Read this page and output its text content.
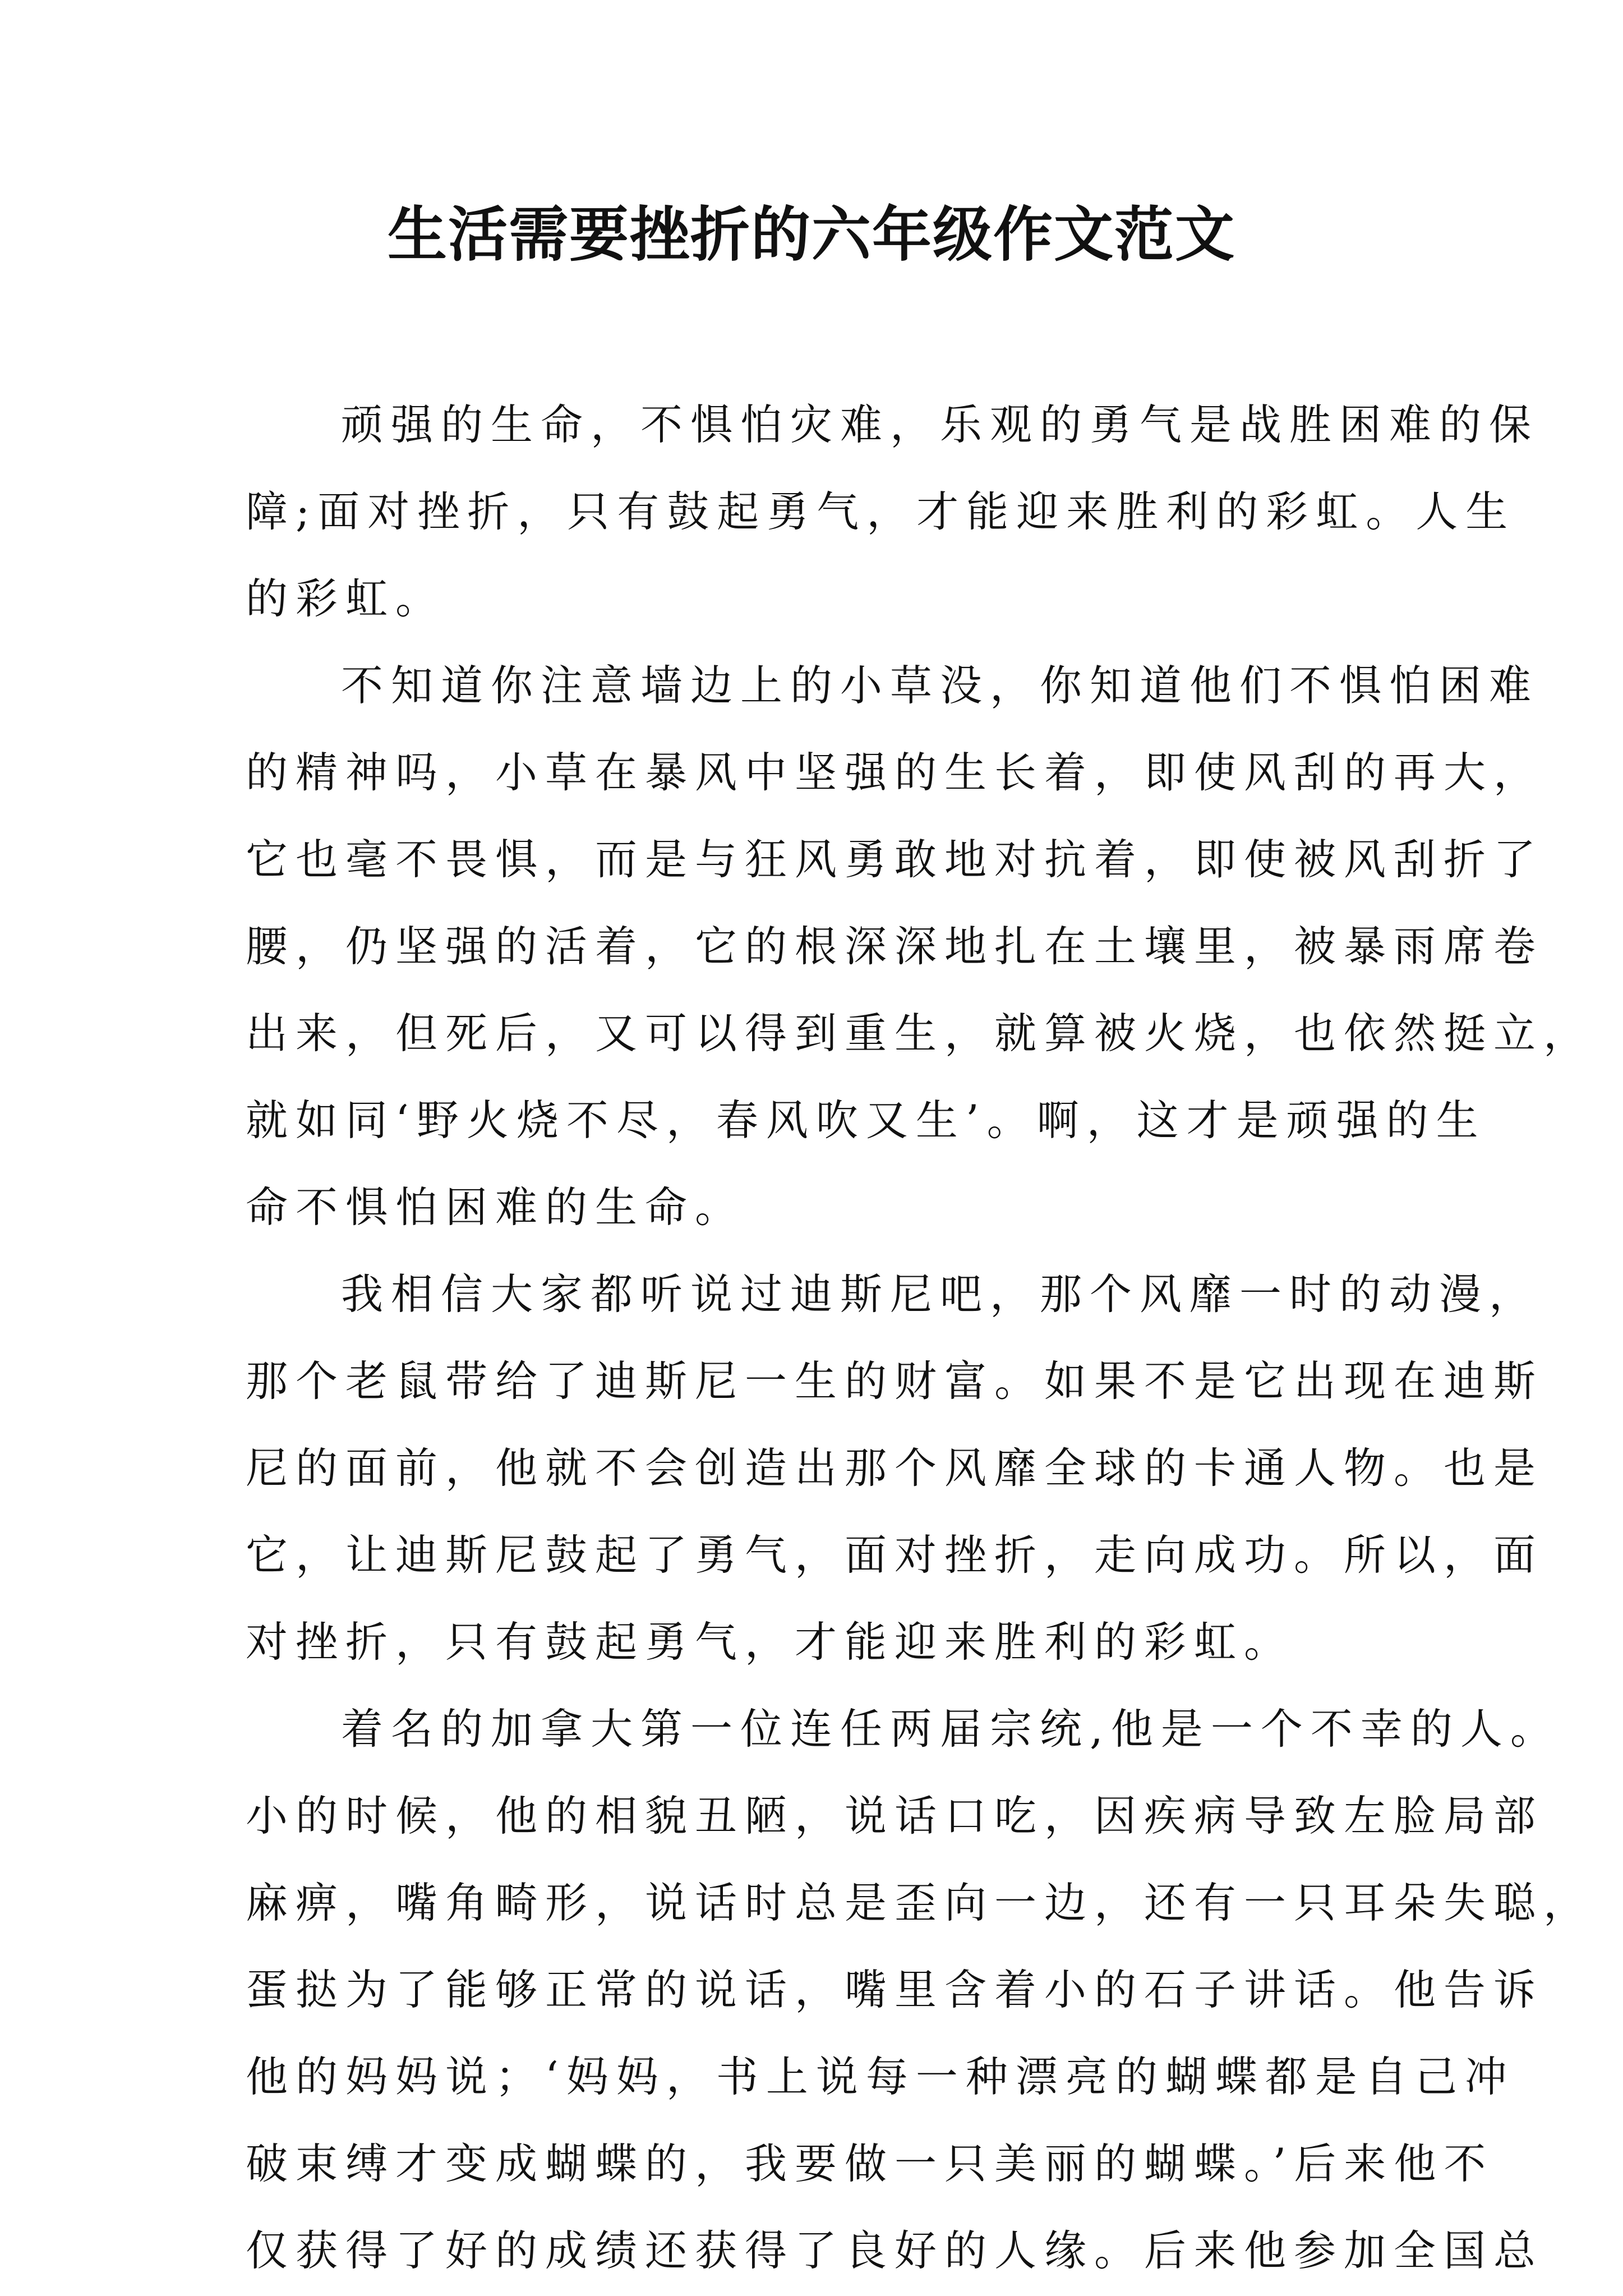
生活需要挫折的六年级作文范文
顽强的生命，不惧怕灾难，乐观的勇气是战胜困难的保
障;面对挫折，只有鼓起勇气，才能迎来胜利的彩虹。人生
的彩虹。
不知道你注意墙边上的小草没，你知道他们不惧怕困难
的精神吗，小草在暴风中坚强的生长着，即使风刮的再大，
它也毫不畏惧，而是与狂风勇敢地对抗着，即使被风刮折了
腰，仍坚强的活着，它的根深深地扎在土壤里，被暴雨席卷
出来，但死后，又可以得到重生，就算被火烧，也依然挺立，
就如同‘野火烧不尽，春风吹又生’。啊，这才是顽强的生
命不惧怕困难的生命。
我相信大家都听说过迪斯尼吧，那个风靡一时的动漫，
那个老鼠带给了迪斯尼一生的财富。如果不是它出现在迪斯
尼的面前，他就不会创造出那个风靡全球的卡通人物。也是
它，让迪斯尼鼓起了勇气，面对挫折，走向成功。所以，面
对挫折，只有鼓起勇气，才能迎来胜利的彩虹。
着名的加拿大第一位连任两届宗统,他是一个不幸的人。
小的时候，他的相貌丑陋，说话口吃，因疾病导致左脸局部
麻痹，嘴角畸形，说话时总是歪向一边，还有一只耳朵失聪，
蛋挞为了能够正常的说话，嘴里含着小的石子讲话。他告诉
他的妈妈说；‘妈妈，书上说每一种漂亮的蝴蝶都是自己冲
破束缚才变成蝴蝶的，我要做一只美丽的蝴蝶。’后来他不
仅获得了好的成绩还获得了良好的人缘。后来他参加全国总
